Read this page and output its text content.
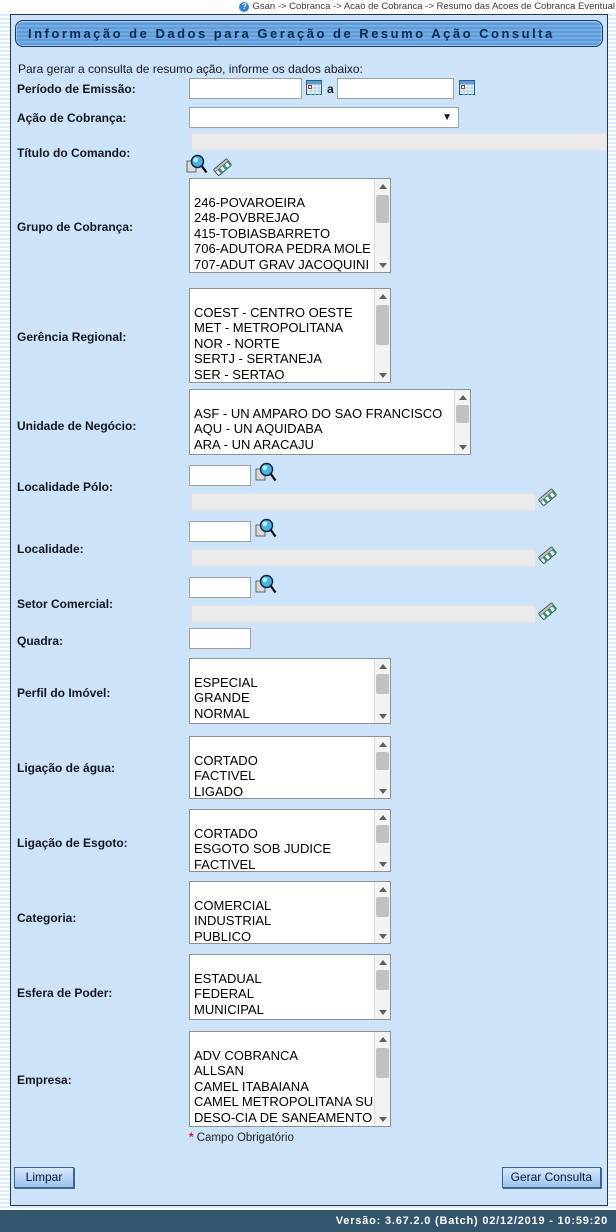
? Gsan -> Cobranca -> Acao de Cobranca -> Resumo das Acoes de Cobranca Eventual
Informação de Dados para Geração de Resumo Ação Consulta
Para gerar a consulta de resumo ação, informe os dados abaixo:
Período de Emissão:	a
Ação de Cobrança:	▼
Título do Comando:
Grupo de Cobrança:

246-POVAROEIRA
248-POVBREJAO
415-TOBIASBARRETO
706-ADUTORA PEDRA MOLE
707-ADUT GRAV JACOQUINI
Gerência Regional:

COEST - CENTRO OESTE
MET - METROPOLITANA
NOR - NORTE
SERTJ - SERTANEJA
SER - SERTAO
Unidade de Negócio:

ASF - UN AMPARO DO SAO FRANCISCO
AQU - UN AQUIDABA
ARA - UN ARACAJU
Localidade Pólo:
Localidade:
Setor Comercial:
Quadra:
Perfil do Imóvel:

ESPECIAL
GRANDE
NORMAL
Ligação de água:

CORTADO
FACTIVEL
LIGADO
Ligação de Esgoto:

CORTADO
ESGOTO SOB JUDICE
FACTIVEL
Categoria:

COMERCIAL
INDUSTRIAL
PUBLICO
Esfera de Poder:

ESTADUAL
FEDERAL
MUNICIPAL
Empresa:

ADV COBRANCA
ALLSAN
CAMEL ITABAIANA
CAMEL METROPOLITANA SU
DESO-CIA DE SANEAMENTO
* Campo Obrigatório
Limpar	Gerar Consulta
Versão: 3.67.2.0 (Batch) 02/12/2019 - 10:59:20
